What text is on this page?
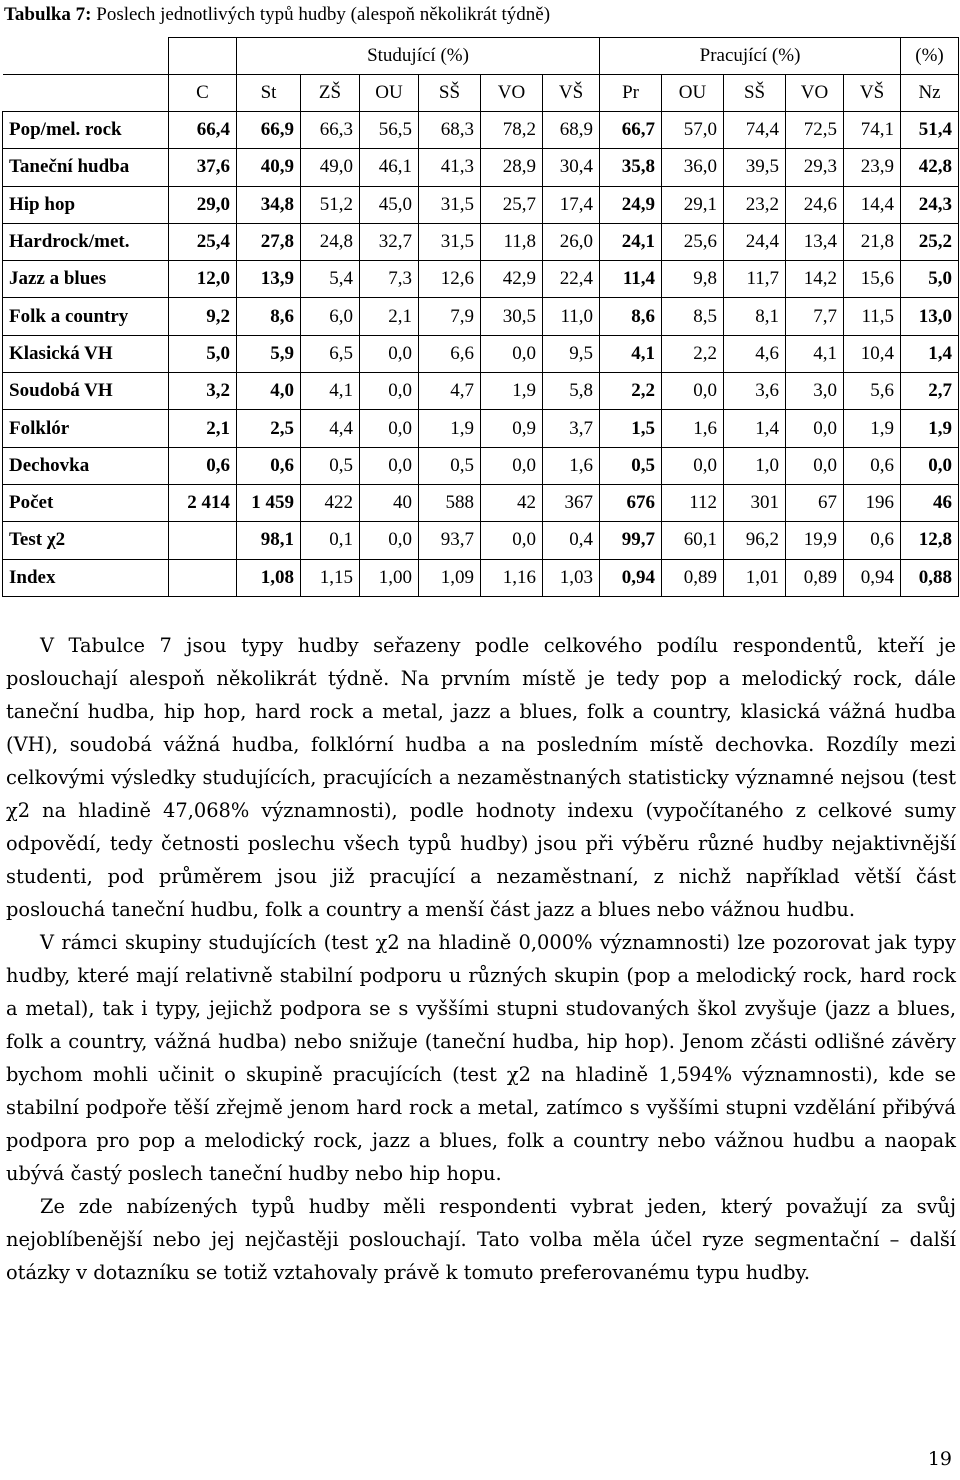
Tabulka 7: Poslech jednotlivých typů hudby (alespoň několikrát týdně)
		Studující (%)						Pracující (%)					(%)
	C	St	ZŠ	OU	SŠ	VO	VŠ	Pr	OU	SŠ	VO	VŠ	Nz
Pop/mel. rock	66,4	66,9	66,3	56,5	68,3	78,2	68,9	66,7	57,0	74,4	72,5	74,1	51,4
Taneční hudba	37,6	40,9	49,0	46,1	41,3	28,9	30,4	35,8	36,0	39,5	29,3	23,9	42,8
Hip hop	29,0	34,8	51,2	45,0	31,5	25,7	17,4	24,9	29,1	23,2	24,6	14,4	24,3
Hardrock/met.	25,4	27,8	24,8	32,7	31,5	11,8	26,0	24,1	25,6	24,4	13,4	21,8	25,2
Jazz a blues	12,0	13,9	5,4	7,3	12,6	42,9	22,4	11,4	9,8	11,7	14,2	15,6	5,0
Folk a country	9,2	8,6	6,0	2,1	7,9	30,5	11,0	8,6	8,5	8,1	7,7	11,5	13,0
Klasická VH	5,0	5,9	6,5	0,0	6,6	0,0	9,5	4,1	2,2	4,6	4,1	10,4	1,4
Soudobá VH	3,2	4,0	4,1	0,0	4,7	1,9	5,8	2,2	0,0	3,6	3,0	5,6	2,7
Folklór	2,1	2,5	4,4	0,0	1,9	0,9	3,7	1,5	1,6	1,4	0,0	1,9	1,9
Dechovka	0,6	0,6	0,5	0,0	0,5	0,0	1,6	0,5	0,0	1,0	0,0	0,6	0,0
Počet	2 414	1 459	422	40	588	42	367	676	112	301	67	196	46
Test χ2		98,1	0,1	0,0	93,7	0,0	0,4	99,7	60,1	96,2	19,9	0,6	12,8
Index		1,08	1,15	1,00	1,09	1,16	1,03	0,94	0,89	1,01	0,89	0,94	0,88

V Tabulce 7 jsou typy hudby seřazeny podle celkového podílu respondentů, kteří je poslouchají alespoň několikrát týdně. Na prvním místě je tedy pop a melodický rock, dále taneční hudba, hip hop, hard rock a metal, jazz a blues, folk a country, klasická vážná hudba (VH), soudobá vážná hudba, folklórní hudba a na posledním místě dechovka. Rozdíly mezi celkovými výsledky studujících, pracujících a nezaměstnaných statisticky významné nejsou (test χ2 na hladině 47,068% významnosti), podle hodnoty indexu (vypočítaného z celkové sumy odpovědí, tedy četnosti poslechu všech typů hudby) jsou při výběru různé hudby nejaktivnější studenti, pod průměrem jsou již pracující a nezaměstnaní, z nichž například větší část poslouchá taneční hudbu, folk a country a menší část jazz a blues nebo vážnou hudbu.

V rámci skupiny studujících (test χ2 na hladině 0,000% významnosti) lze pozorovat jak typy hudby, které mají relativně stabilní podporu u různých skupin (pop a melodický rock, hard rock a metal), tak i typy, jejichž podpora se s vyššími stupni studovaných škol zvyšuje (jazz a blues, folk a country, vážná hudba) nebo snižuje (taneční hudba, hip hop). Jenom zčásti odlišné závěry bychom mohli učinit o skupině pracujících (test χ2 na hladině 1,594% významnosti), kde se stabilní podpoře těší zřejmě jenom hard rock a metal, zatímco s vyššími stupni vzdělání přibývá podpora pro pop a melodický rock, jazz a blues, folk a country nebo vážnou hudbu a naopak ubývá častý poslech taneční hudby nebo hip hopu.

Ze zde nabízených typů hudby měli respondenti vybrat jeden, který považují za svůj nejoblíbenější nebo jej nejčastěji poslouchají. Tato volba měla účel ryze segmentační – další otázky v dotazníku se totiž vztahovaly právě k tomuto preferovanému typu hudby.

19
